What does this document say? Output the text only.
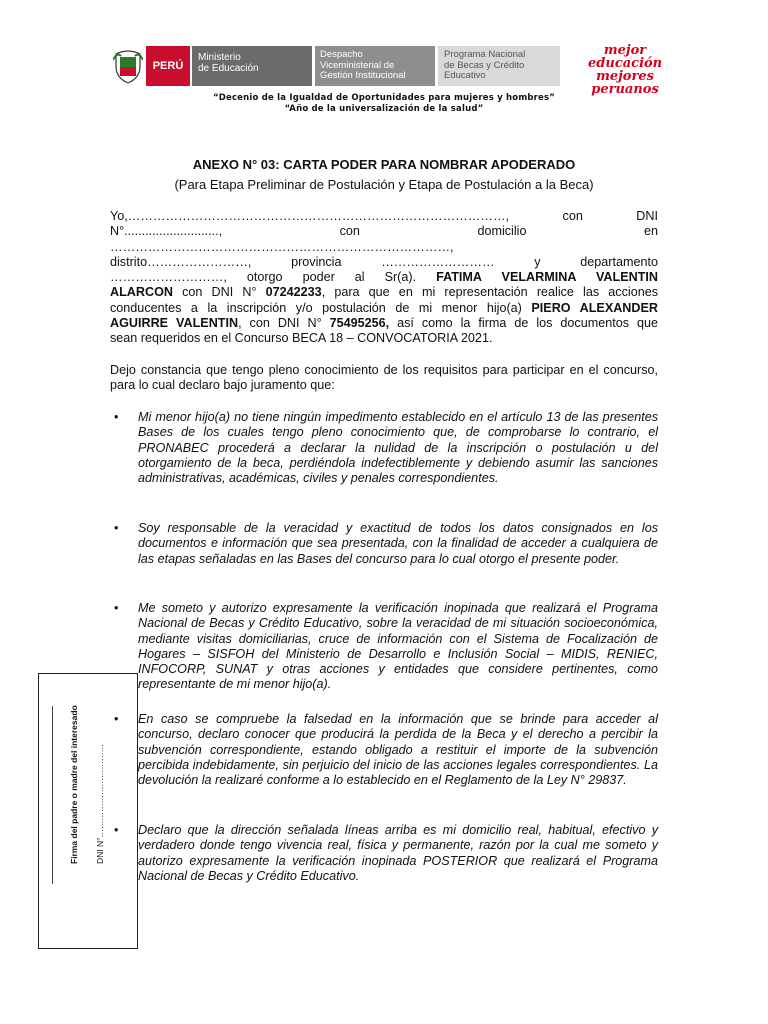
PERÚ
Ministerio
de Educación
Despacho
Viceministerial de
Gestión Institucional
Programa Nacional
de Becas y Crédito
Educativo
mejor
educación
mejores
peruanos
“Decenio de la Igualdad de Oportunidades para mujeres y hombres”
“Año de la universalización de la salud”
ANEXO N° 03: CARTA PODER PARA NOMBRAR APODERADO
(Para Etapa Preliminar de Postulación y Etapa de Postulación a la Beca)
Yo,………………………………………………………………………………, con DNI
N°..........................., con domicilio en
………………………………………………………………………,
distrito……………………, provincia ……………………… y departamento
………………………, otorgo poder al Sr(a). FATIMA VELARMINA VALENTIN
ALARCON con DNI N° 07242233, para que en mi representación realice las acciones
conducentes a la inscripción y/o postulación de mi menor hijo(a) PIERO ALEXANDER
AGUIRRE VALENTIN, con DNI N° 75495256, así como la firma de los documentos que
sean requeridos en el Concurso BECA 18 – CONVOCATORIA 2021.
Dejo constancia que tengo pleno conocimiento de los requisitos para participar en el concurso, para lo cual declaro bajo juramento que:
• Mi menor hijo(a) no tiene ningún impedimento establecido en el artículo 13 de las presentes Bases de los cuales tengo pleno conocimiento que, de comprobarse lo contrario, el PRONABEC procederá a declarar la nulidad de la inscripción o postulación u del otorgamiento de la beca, perdiéndola indefectiblemente y debiendo asumir las sanciones administrativas, académicas, civiles y penales correspondientes.
• Soy responsable de la veracidad y exactitud de todos los datos consignados en los documentos e información que sea presentada, con la finalidad de acceder a cualquiera de las etapas señaladas en las Bases del concurso para lo cual otorgo el presente poder.
• Me someto y autorizo expresamente la verificación inopinada que realizará el Programa Nacional de Becas y Crédito Educativo, sobre la veracidad de mi situación socioeconómica, mediante visitas domiciliarias, cruce de información con el Sistema de Focalización de Hogares – SISFOH del Ministerio de Desarrollo e Inclusión Social – MIDIS, RENIEC, INFOCORP, SUNAT y otras acciones y entidades que considere pertinentes, como representante de mi menor hijo(a).
• En caso se compruebe la falsedad en la información que se brinde para acceder al concurso, declaro conocer que producirá la perdida de la Beca y el derecho a percibir la subvención correspondiente, estando obligado a restituir el importe de la subvención percibida indebidamente, sin perjuicio del inicio de las acciones legales correspondientes. La devolución la realizaré conforme a lo establecido en el Reglamento de la Ley N° 29837.
• Declaro que la dirección señalada líneas arriba es mi domicilio real, habitual, efectivo y verdadero donde tengo vivencia real, física y permanente, razón por la cual me someto y autorizo expresamente la verificación inopinada POSTERIOR que realizará el Programa Nacional de Becas y Crédito Educativo.
Firma del padre o madre del interesado DNI N°……………………………
